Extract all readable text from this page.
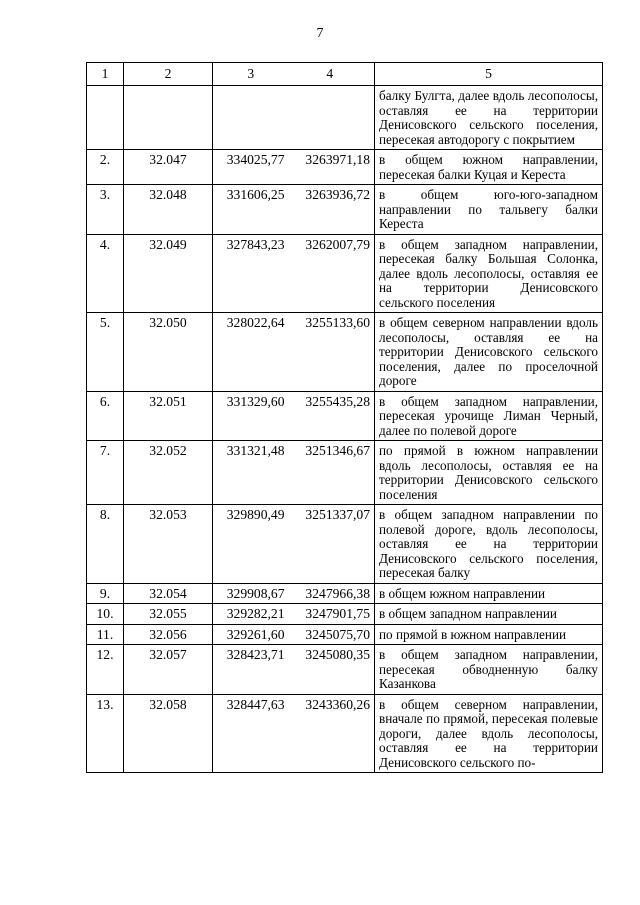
7
1	2	3	4	5
				балку Булгта, далее вдоль лесополосы, оставляя ее на территории Денисовского сельского поселения, пересекая автодорогу с покрытием
2.	32.047	334025,77	3263971,18	в общем южном направлении, пересекая балки Куцая и Кереста
3.	32.048	331606,25	3263936,72	в общем юго-юго-западном направлении по тальвегу балки Кереста
4.	32.049	327843,23	3262007,79	в общем западном направлении, пересекая балку Большая Солонка, далее вдоль лесополосы, оставляя ее на территории Денисовского сельского поселения
5.	32.050	328022,64	3255133,60	в общем северном направлении вдоль лесополосы, оставляя ее на территории Денисовского сельского поселения, далее по проселочной дороге
6.	32.051	331329,60	3255435,28	в общем западном направлении, пересекая урочище Лиман Черный, далее по полевой дороге
7.	32.052	331321,48	3251346,67	по прямой в южном направлении вдоль лесополосы, оставляя ее на территории Денисовского сельского поселения
8.	32.053	329890,49	3251337,07	в общем западном направлении по полевой дороге, вдоль лесополосы, оставляя ее на территории Денисовского сельского поселения, пересекая балку
9.	32.054	329908,67	3247966,38	в общем южном направлении
10.	32.055	329282,21	3247901,75	в общем западном направлении
11.	32.056	329261,60	3245075,70	по прямой в южном направлении
12.	32.057	328423,71	3245080,35	в общем западном направлении, пересекая обводненную балку Казанкова
13.	32.058	328447,63	3243360,26	в общем северном направлении, вначале по прямой, пересекая полевые дороги, далее вдоль лесополосы, оставляя ее на территории Денисовского сельского по-
